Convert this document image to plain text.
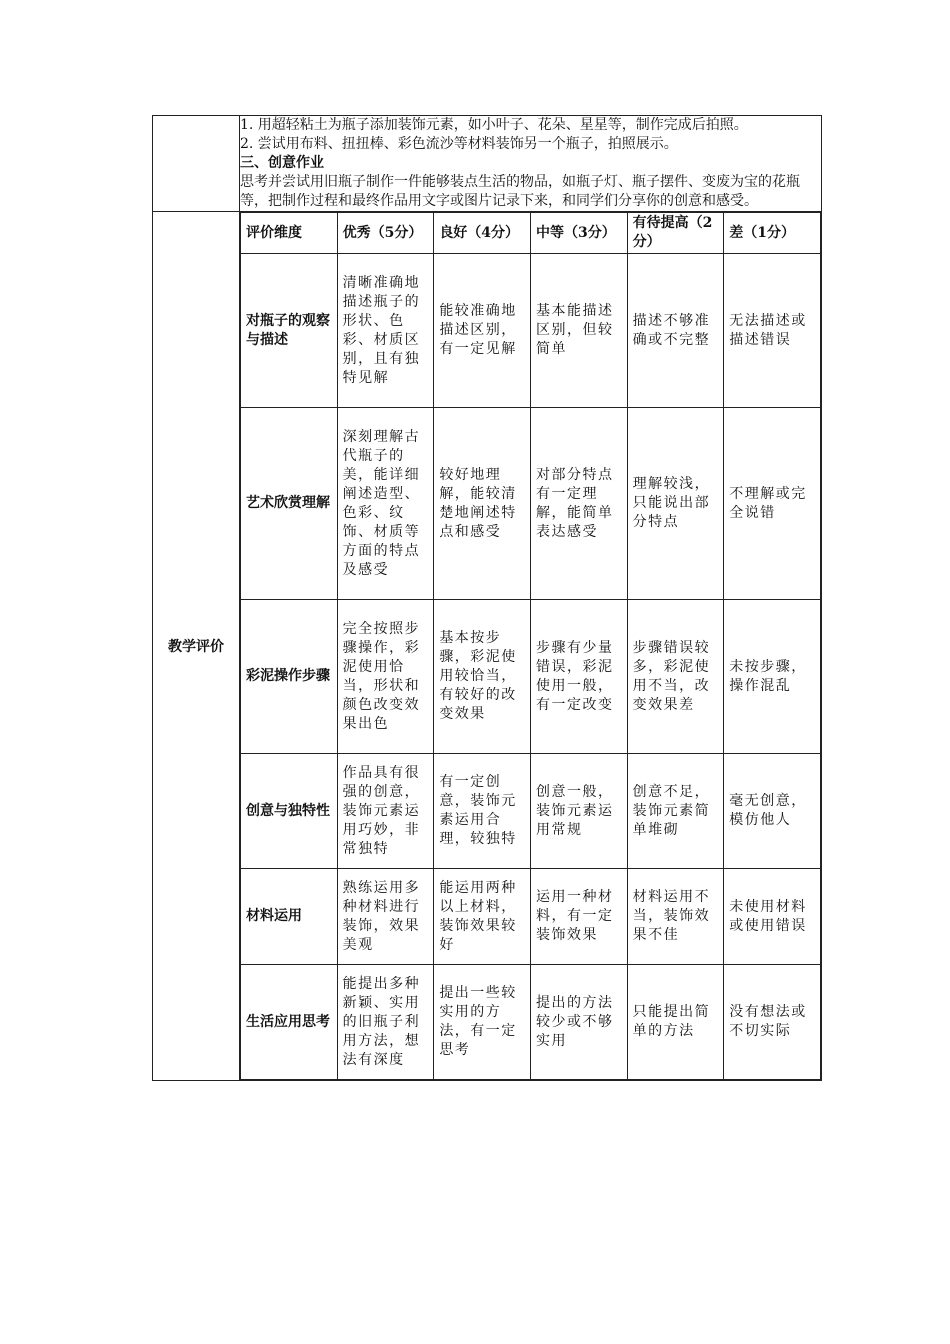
1. 用超轻粘土为瓶子添加装饰元素，如小叶子、花朵、星星等，制作完成后拍照。

2. 尝试用布料、扭扭棒、彩色流沙等材料装饰另一个瓶子，拍照展示。

三、创意作业

思考并尝试用旧瓶子制作一件能够装点生活的物品，如瓶子灯、瓶子摆件、变废为宝的花瓶等，把制作过程和最终作品用文字或图片记录下来，和同学们分享你的创意和感受。

教学评价	
评价维度	优秀（5分）	良好（4分）	中等（3分）	有待提高（2分）	差（1分）
对瓶子的观察与描述	清晰准确地描述瓶子的形状、色彩、材质区别，且有独特见解	能较准确地描述区别，有一定见解	基本能描述区别，但较简单	描述不够准确或不完整	无法描述或描述错误
艺术欣赏理解	深刻理解古代瓶子的美，能详细阐述造型、色彩、纹饰、材质等方面的特点及感受	较好地理解，能较清楚地阐述特点和感受	对部分特点有一定理解，能简单表达感受	理解较浅，只能说出部分特点	不理解或完全说错
彩泥操作步骤	完全按照步骤操作，彩泥使用恰当，形状和颜色改变效果出色	基本按步骤，彩泥使用较恰当，有较好的改变效果	步骤有少量错误，彩泥使用一般，有一定改变	步骤错误较多，彩泥使用不当，改变效果差	未按步骤，操作混乱
创意与独特性	作品具有很强的创意，装饰元素运用巧妙，非常独特	有一定创意，装饰元素运用合理，较独特	创意一般，装饰元素运用常规	创意不足，装饰元素简单堆砌	毫无创意，模仿他人
材料运用	熟练运用多种材料进行装饰，效果美观	能运用两种以上材料，装饰效果较好	运用一种材料，有一定装饰效果	材料运用不当，装饰效果不佳	未使用材料或使用错误
生活应用思考	能提出多种新颖、实用的旧瓶子利用方法，想法有深度	提出一些较实用的方法，有一定思考	提出的方法较少或不够实用	只能提出简单的方法	没有想法或不切实际
